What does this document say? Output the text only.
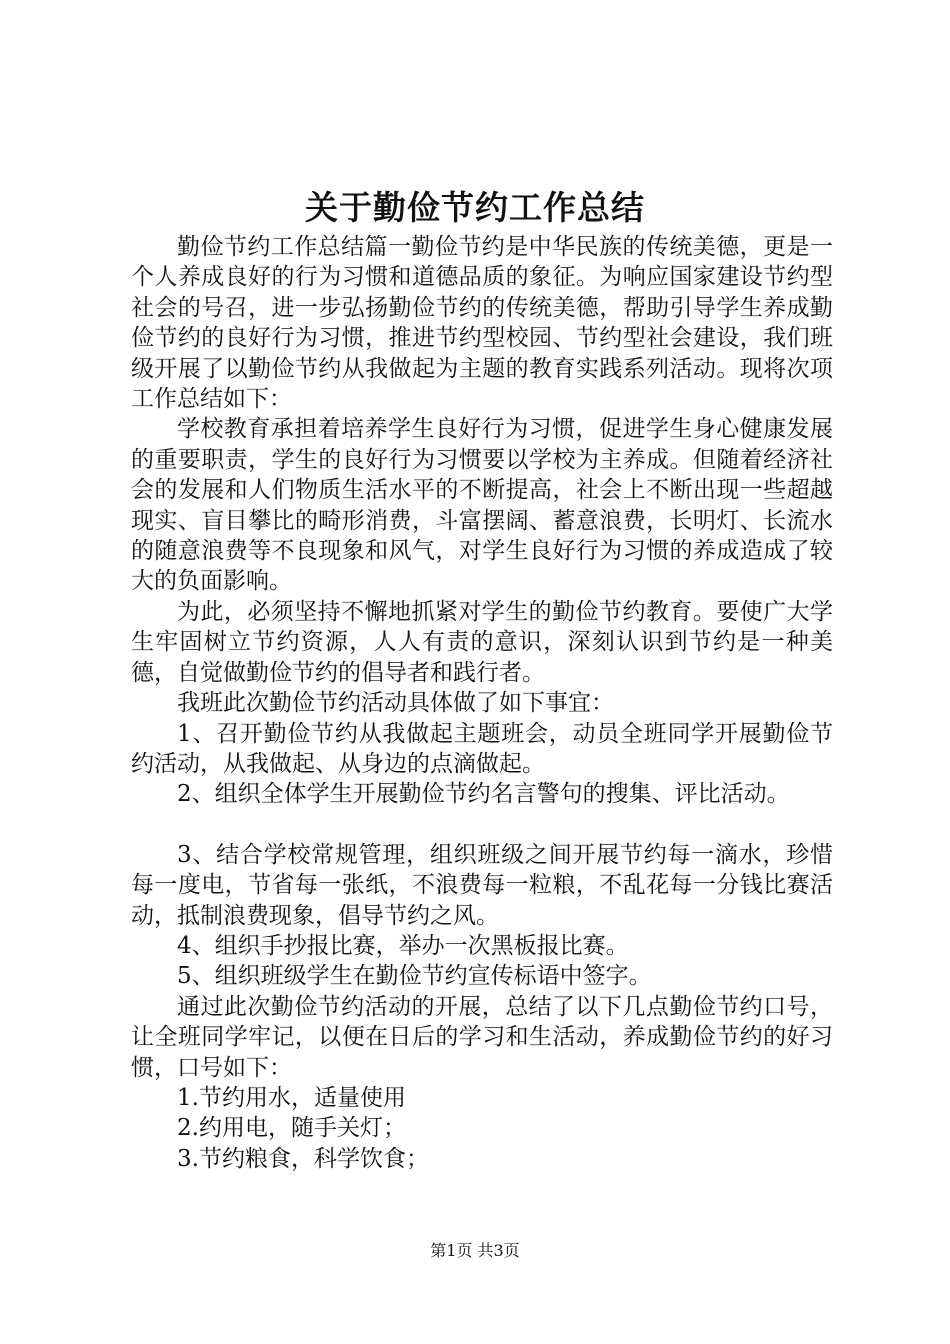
关于勤俭节约工作总结

勤俭节约工作总结篇一勤俭节约是中华民族的传统美德，更是一个人养成良好的行为习惯和道德品质的象征。为响应国家建设节约型社会的号召，进一步弘扬勤俭节约的传统美德，帮助引导学生养成勤俭节约的良好行为习惯，推进节约型校园、节约型社会建设，我们班级开展了以勤俭节约从我做起为主题的教育实践系列活动。现将次项工作总结如下：

学校教育承担着培养学生良好行为习惯，促进学生身心健康发展的重要职责，学生的良好行为习惯要以学校为主养成。但随着经济社会的发展和人们物质生活水平的不断提高，社会上不断出现一些超越现实、盲目攀比的畸形消费，斗富摆阔、蓄意浪费，长明灯、长流水的随意浪费等不良现象和风气，对学生良好行为习惯的养成造成了较大的负面影响。

为此，必须坚持不懈地抓紧对学生的勤俭节约教育。要使广大学生牢固树立节约资源，人人有责的意识，深刻认识到节约是一种美德，自觉做勤俭节约的倡导者和践行者。

我班此次勤俭节约活动具体做了如下事宜：

1、召开勤俭节约从我做起主题班会，动员全班同学开展勤俭节约活动，从我做起、从身边的点滴做起。

2、组织全体学生开展勤俭节约名言警句的搜集、评比活动。

3、结合学校常规管理，组织班级之间开展节约每一滴水，珍惜每一度电，节省每一张纸，不浪费每一粒粮，不乱花每一分钱比赛活动，抵制浪费现象，倡导节约之风。

4、组织手抄报比赛，举办一次黑板报比赛。

5、组织班级学生在勤俭节约宣传标语中签字。

通过此次勤俭节约活动的开展，总结了以下几点勤俭节约口号，让全班同学牢记，以便在日后的学习和生活动，养成勤俭节约的好习惯，口号如下：

1.节约用水，适量使用

2.约用电，随手关灯；

3.节约粮食，科学饮食；

第1页 共3页
